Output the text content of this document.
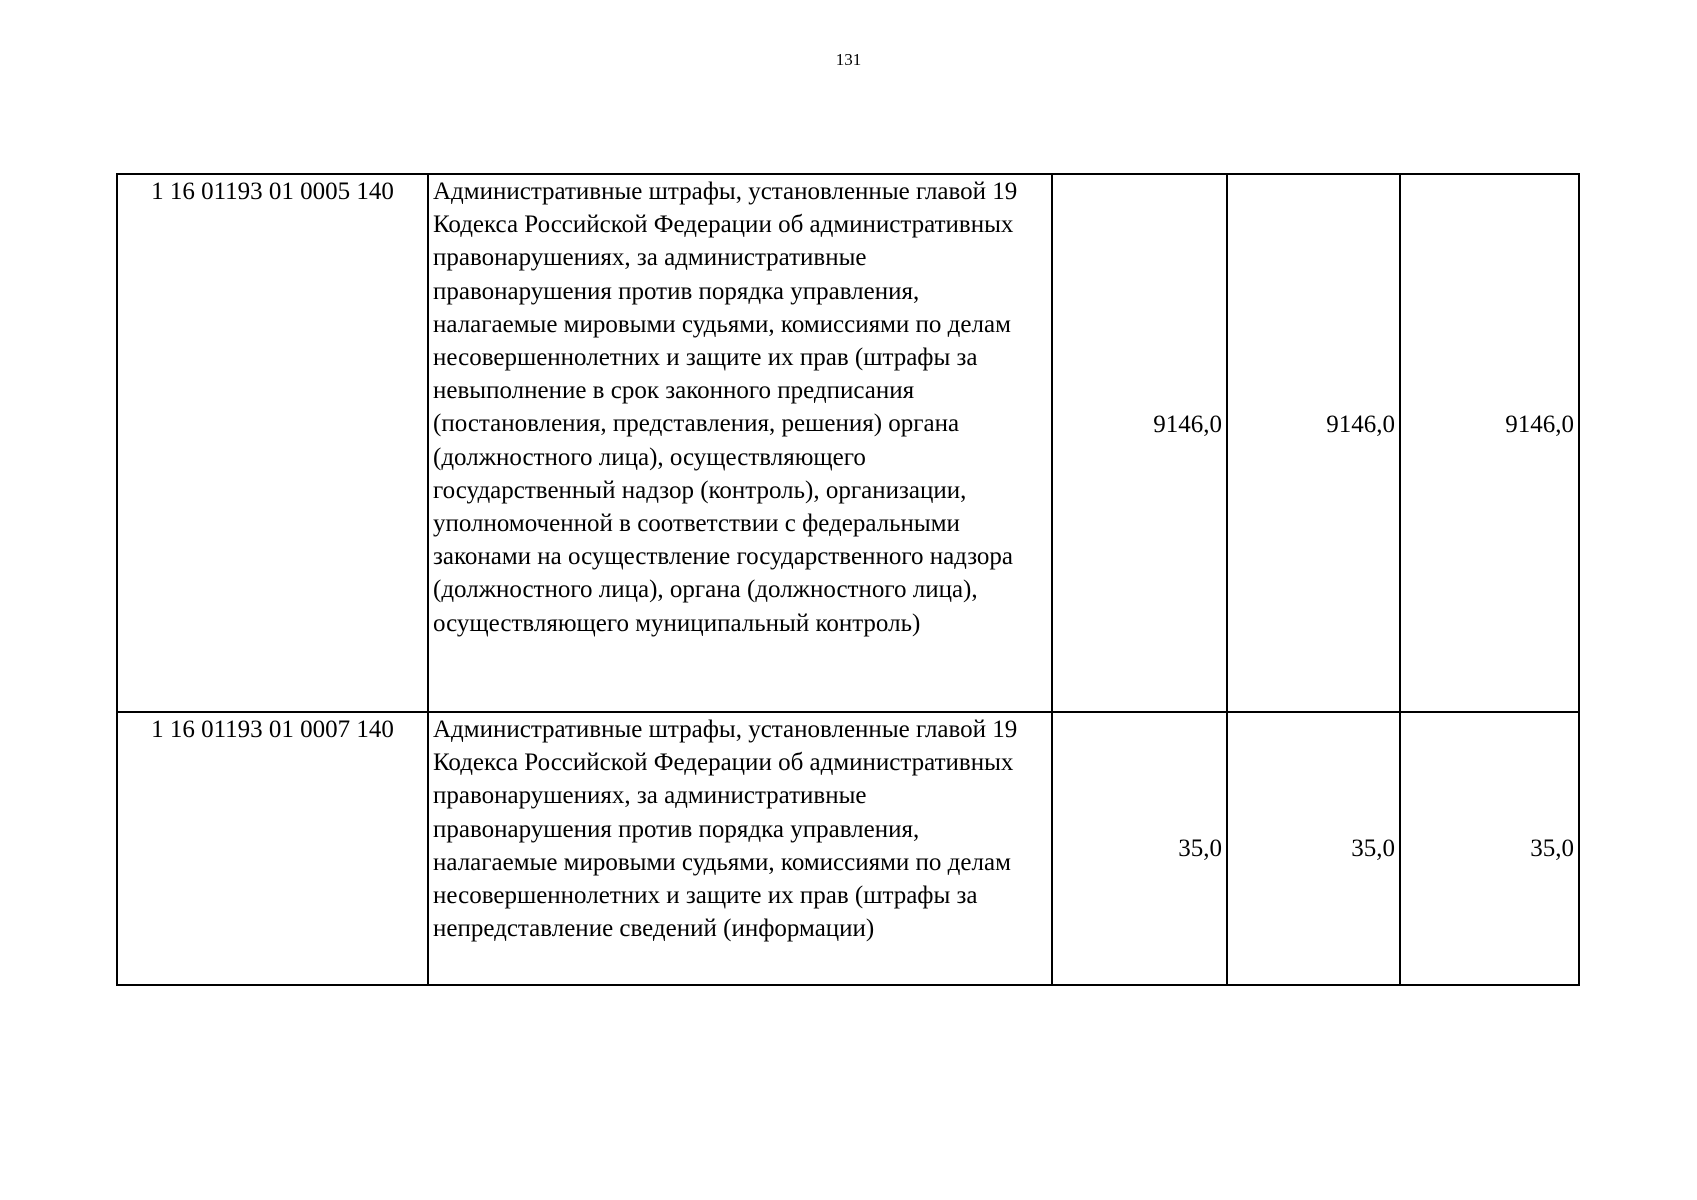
131
1 16 01193 01 0005 140	Административные штрафы, установленные главой 19 Кодекса Российской Федерации об административных правонарушениях, за административные правонарушения против порядка управления, налагаемые мировыми судьями, комиссиями по делам несовершеннолетних и защите их прав (штрафы за невыполнение в срок законного предписания (постановления, представления, решения) органа (должностного лица), осуществляющего государственный надзор (контроль), организации, уполномоченной в соответствии с федеральными законами на осуществление государственного надзора (должностного лица), органа (должностного лица), осуществляющего муниципальный контроль)	9146,0	9146,0	9146,0
1 16 01193 01 0007 140	Административные штрафы, установленные главой 19 Кодекса Российской Федерации об административных правонарушениях, за административные правонарушения против порядка управления, налагаемые мировыми судьями, комиссиями по делам несовершеннолетних и защите их прав (штрафы за непредставление сведений (информации)	35,0	35,0	35,0
